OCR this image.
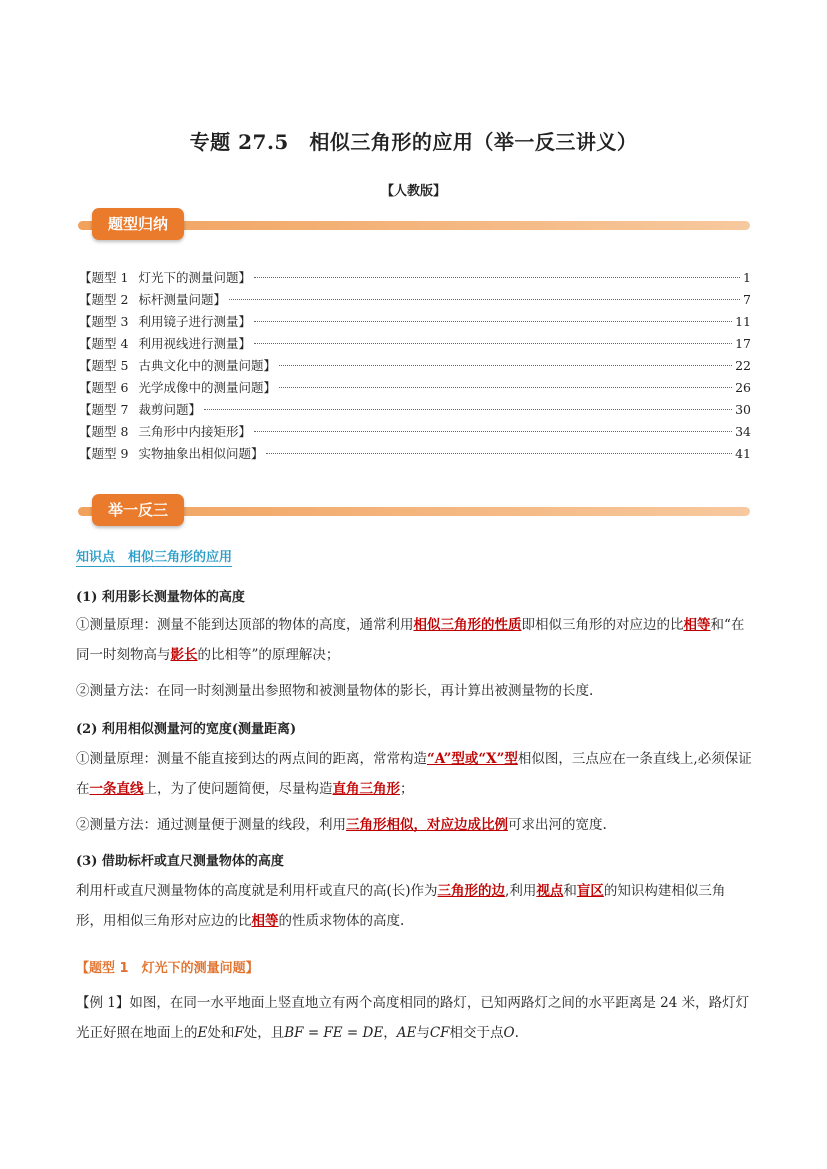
专题 27.5　相似三角形的应用（举一反三讲义）
【人教版】
题型归纳
【题型 1 灯光下的测量问题】	1
【题型 2 标杆测量问题】	7
【题型 3 利用镜子进行测量】	11
【题型 4 利用视线进行测量】	17
【题型 5 古典文化中的测量问题】	22
【题型 6 光学成像中的测量问题】	26
【题型 7 裁剪问题】	30
【题型 8 三角形中内接矩形】	34
【题型 9 实物抽象出相似问题】	41
举一反三
知识点　相似三角形的应用
(1) 利用影长测量物体的高度
①测量原理：测量不能到达顶部的物体的高度，通常利用相似三角形的性质即相似三角形的对应边的比相等和“在同一时刻物高与影长的比相等”的原理解决；
②测量方法：在同一时刻测量出参照物和被测量物体的影长，再计算出被测量物的长度.
(2) 利用相似测量河的宽度(测量距离)
①测量原理：测量不能直接到达的两点间的距离，常常构造“A”型或“X”型相似图，三点应在一条直线上,必须保证在一条直线上，为了使问题简便，尽量构造直角三角形；
②测量方法：通过测量便于测量的线段，利用三角形相似，对应边成比例可求出河的宽度.
(3) 借助标杆或直尺测量物体的高度
利用杆或直尺测量物体的高度就是利用杆或直尺的高(长)作为三角形的边,利用视点和盲区的知识构建相似三角形，用相似三角形对应边的比相等的性质求物体的高度.
【题型 1　灯光下的测量问题】
【例 1】如图，在同一水平地面上竖直地立有两个高度相同的路灯，已知两路灯之间的水平距离是 24 米，路灯灯光正好照在地面上的E处和F处，且BF = FE = DE，AE与CF相交于点O.
